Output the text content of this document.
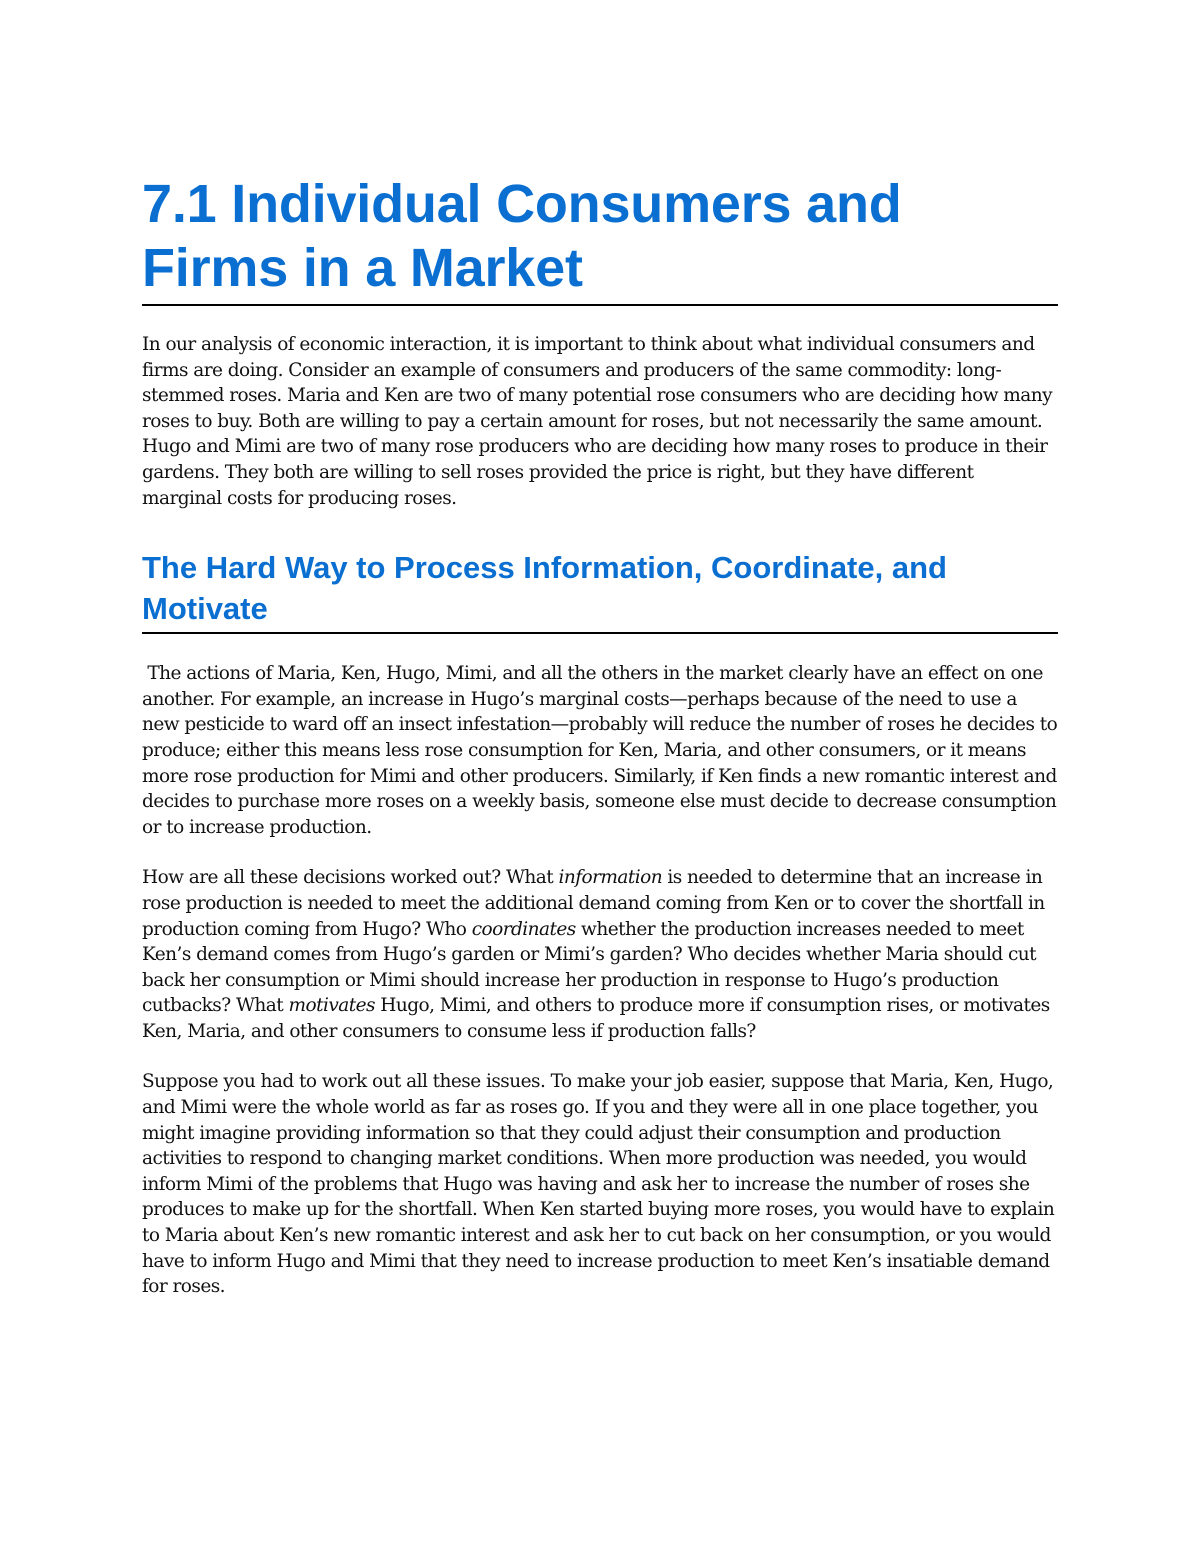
7.1 Individual Consumers and Firms in a Market

In our analysis of economic interaction, it is important to think about what individual consumers and firms are doing. Consider an example of consumers and producers of the same commodity: long-stemmed roses. Maria and Ken are two of many potential rose consumers who are deciding how many roses to buy. Both are willing to pay a certain amount for roses, but not necessarily the same amount. Hugo and Mimi are two of many rose producers who are deciding how many roses to produce in their gardens. They both are willing to sell roses provided the price is right, but they have different marginal costs for producing roses.

The Hard Way to Process Information, Coordinate, and Motivate

The actions of Maria, Ken, Hugo, Mimi, and all the others in the market clearly have an effect on one another. For example, an increase in Hugo’s marginal costs—perhaps because of the need to use a new pesticide to ward off an insect infestation—probably will reduce the number of roses he decides to produce; either this means less rose consumption for Ken, Maria, and other consumers, or it means more rose production for Mimi and other producers. Similarly, if Ken finds a new romantic interest and decides to purchase more roses on a weekly basis, someone else must decide to decrease consumption or to increase production.

How are all these decisions worked out? What information is needed to determine that an increase in rose production is needed to meet the additional demand coming from Ken or to cover the shortfall in production coming from Hugo? Who coordinates whether the production increases needed to meet Ken’s demand comes from Hugo’s garden or Mimi’s garden? Who decides whether Maria should cut back her consumption or Mimi should increase her production in response to Hugo’s production cutbacks? What motivates Hugo, Mimi, and others to produce more if consumption rises, or motivates Ken, Maria, and other consumers to consume less if production falls?

Suppose you had to work out all these issues. To make your job easier, suppose that Maria, Ken, Hugo, and Mimi were the whole world as far as roses go. If you and they were all in one place together, you might imagine providing information so that they could adjust their consumption and production activities to respond to changing market conditions. When more production was needed, you would inform Mimi of the problems that Hugo was having and ask her to increase the number of roses she produces to make up for the shortfall. When Ken started buying more roses, you would have to explain to Maria about Ken’s new romantic interest and ask her to cut back on her consumption, or you would have to inform Hugo and Mimi that they need to increase production to meet Ken’s insatiable demand for roses.
